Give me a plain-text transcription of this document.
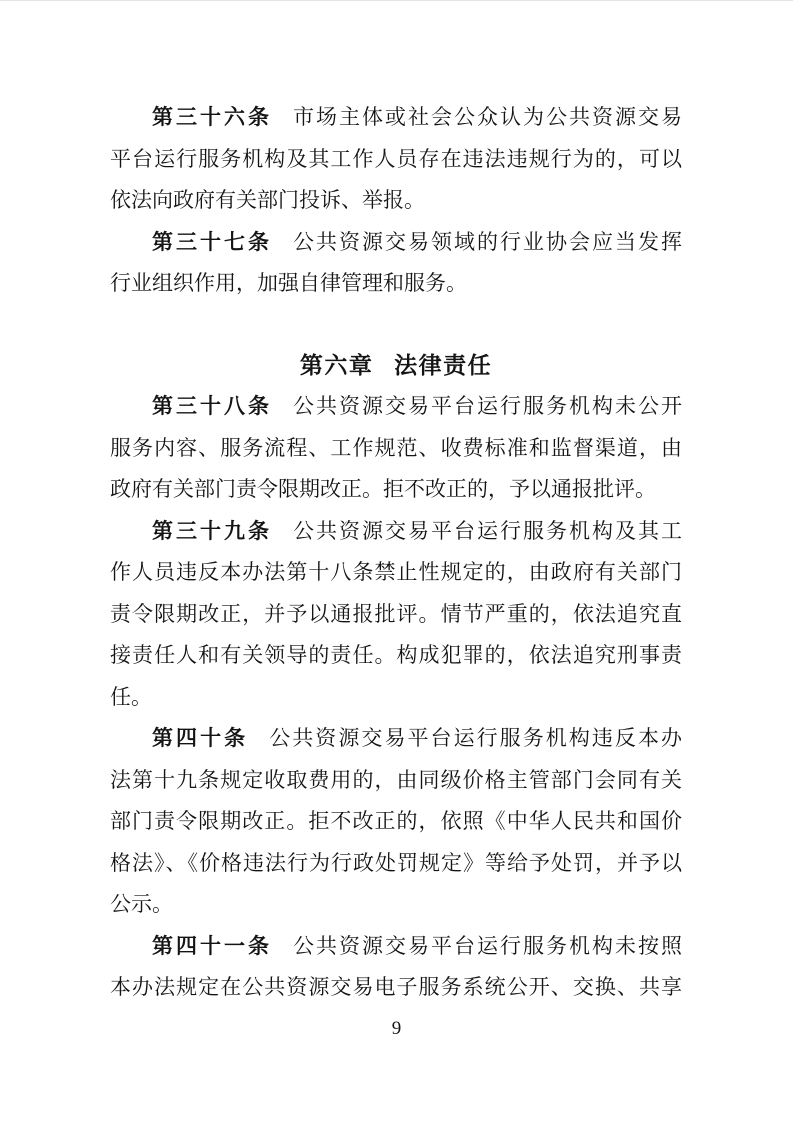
第三十六条 市场主体或社会公众认为公共资源交易

平台运行服务机构及其工作人员存在违法违规行为的，可以

依法向政府有关部门投诉、举报。

第三十七条 公共资源交易领域的行业协会应当发挥

行业组织作用，加强自律管理和服务。

第六章 法律责任

第三十八条 公共资源交易平台运行服务机构未公开

服务内容、服务流程、工作规范、收费标准和监督渠道，由

政府有关部门责令限期改正。拒不改正的，予以通报批评。

第三十九条 公共资源交易平台运行服务机构及其工

作人员违反本办法第十八条禁止性规定的，由政府有关部门

责令限期改正，并予以通报批评。情节严重的，依法追究直

接责任人和有关领导的责任。构成犯罪的，依法追究刑事责

任。

第四十条 公共资源交易平台运行服务机构违反本办

法第十九条规定收取费用的，由同级价格主管部门会同有关

部门责令限期改正。拒不改正的，依照《中华人民共和国价

格法》、《价格违法行为行政处罚规定》等给予处罚，并予以

公示。

第四十一条 公共资源交易平台运行服务机构未按照

本办法规定在公共资源交易电子服务系统公开、交换、共享

9
